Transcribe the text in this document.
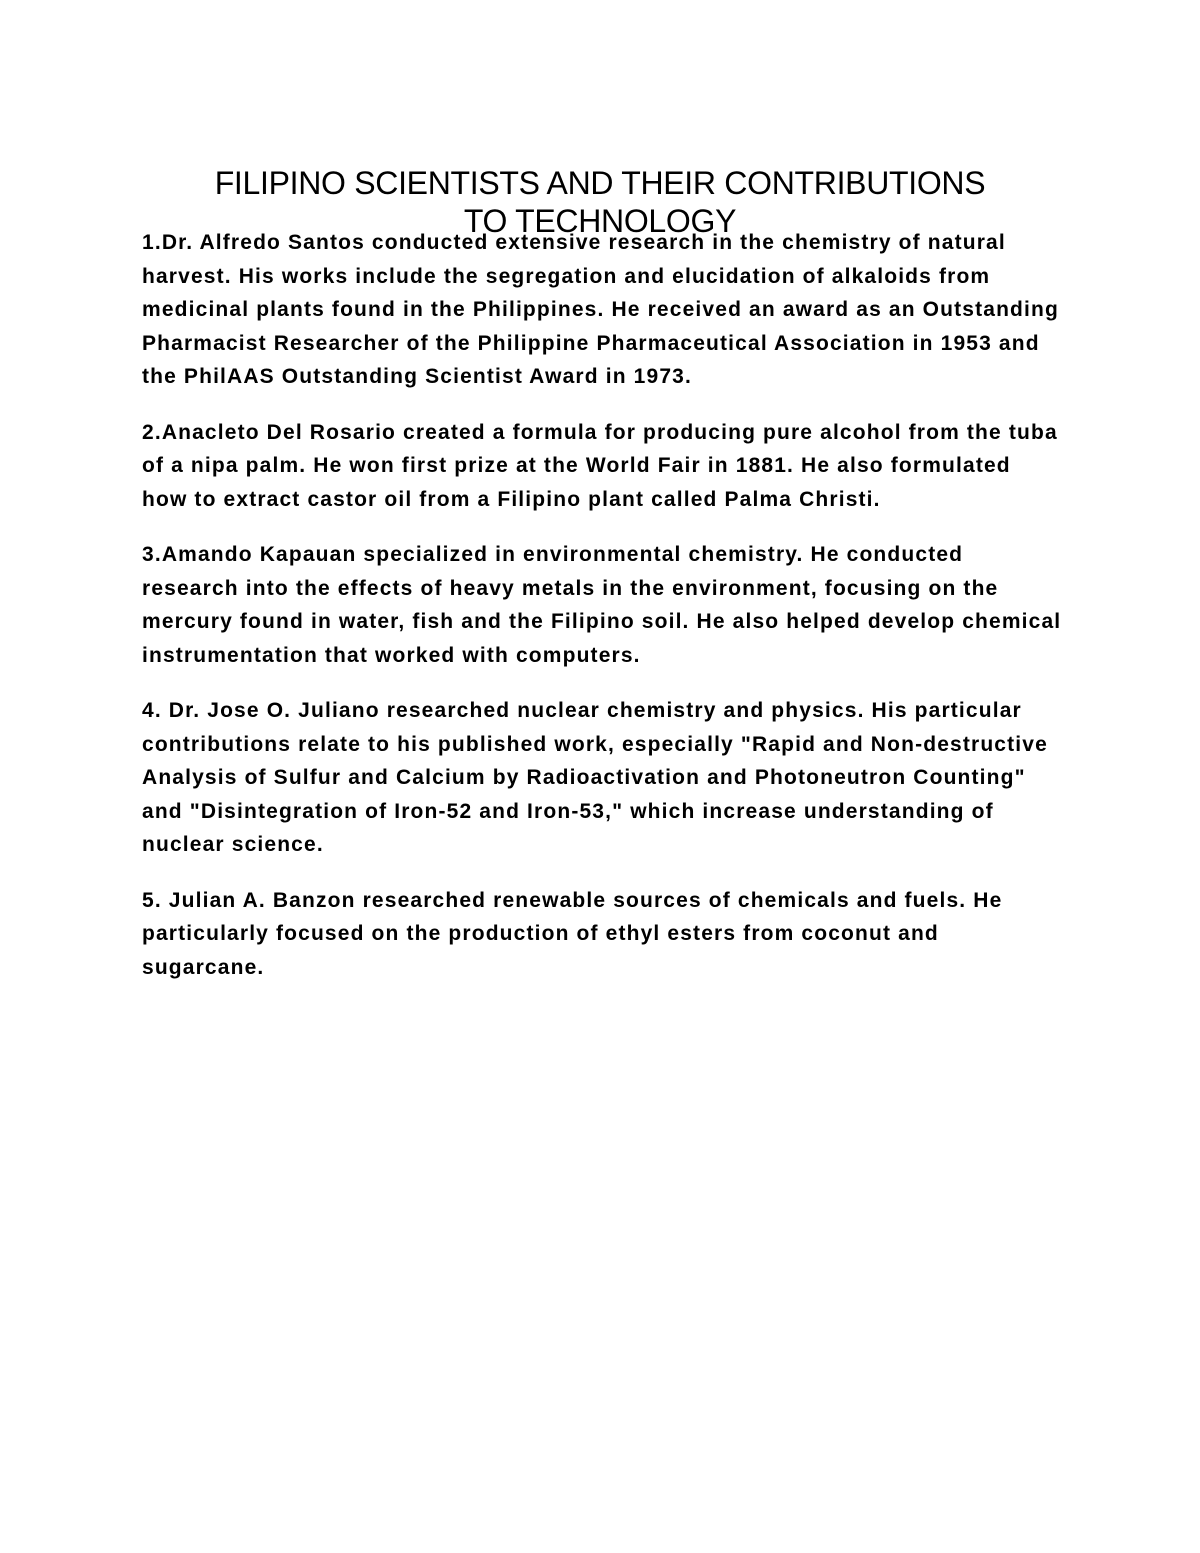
FILIPINO SCIENTISTS AND THEIR CONTRIBUTIONS
TO TECHNOLOGY

1.Dr. Alfredo Santos conducted extensive research in the chemistry of natural harvest. His works include the segregation and elucidation of alkaloids from medicinal plants found in the Philippines. He received an award as an Outstanding Pharmacist Researcher of the Philippine Pharmaceutical Association in 1953 and the PhilAAS Outstanding Scientist Award in 1973.

2.Anacleto Del Rosario created a formula for producing pure alcohol from the tuba of a nipa palm. He won first prize at the World Fair in 1881. He also formulated how to extract castor oil from a Filipino plant called Palma Christi.

3.Amando Kapauan specialized in environmental chemistry. He conducted research into the effects of heavy metals in the environment, focusing on the mercury found in water, fish and the Filipino soil. He also helped develop chemical instrumentation that worked with computers.

4. Dr. Jose O. Juliano researched nuclear chemistry and physics. His particular contributions relate to his published work, especially "Rapid and Non-destructive Analysis of Sulfur and Calcium by Radioactivation and Photoneutron Counting" and "Disintegration of Iron-52 and Iron-53," which increase understanding of nuclear science.

5. Julian A. Banzon researched renewable sources of chemicals and fuels. He particularly focused on the production of ethyl esters from coconut and sugarcane.
